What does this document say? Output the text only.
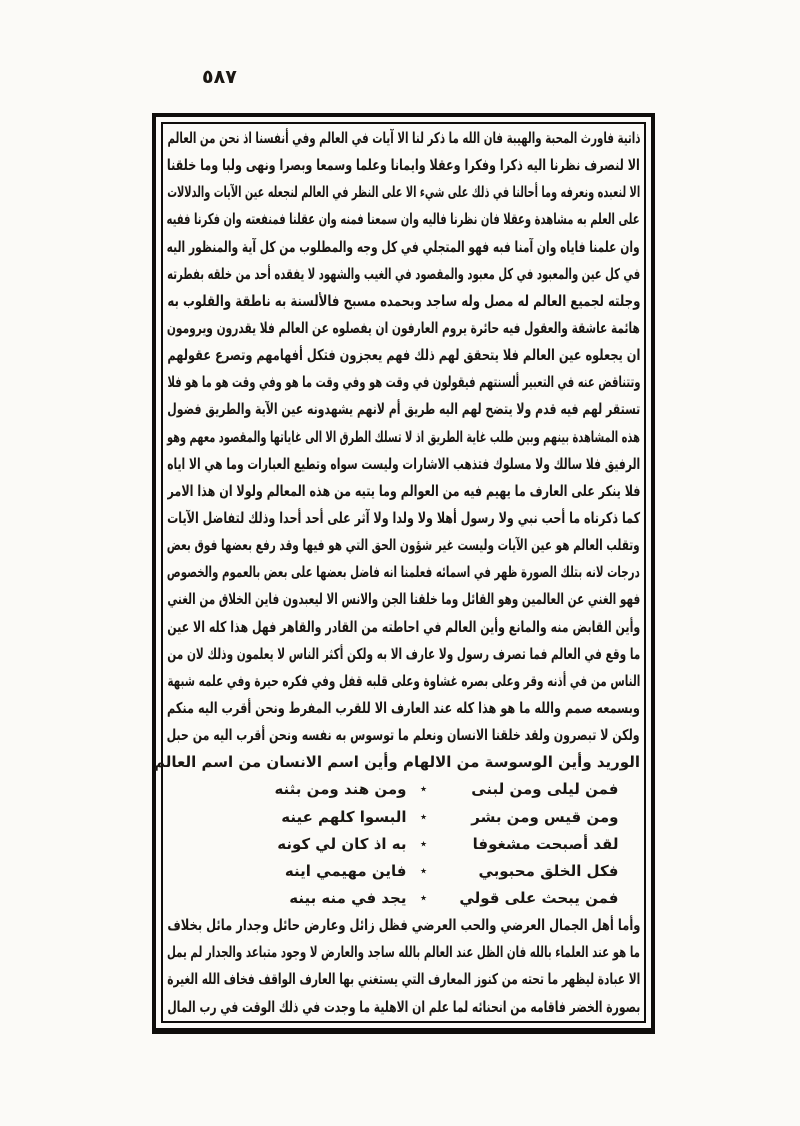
٥٨٧
ذاتية فاورث المحبة والهيبة فان الله ما ذكر لنا الا آيات في العالم وفي أنفسنا اذ نحن من العالم
الا لنصرف نظرنا اليه ذكرا وفكرا وعقلا وايمانا وعلما وسمعا وبصرا ونهى ولبا وما خلقنا
الا لنعبده ونعرفه وما أحالنا في ذلك على شيء الا على النظر في العالم لنجعله عين الآيات والدلالات
على العلم به مشاهدة وعقلا فان نظرنا فاليه وان سمعنا فمنه وان عقلنا فمنفعته وان فكرنا ففيه
وان علمنا فاياه وان آمنا فبه فهو المتجلي في كل وجه والمطلوب من كل آية والمنظور اليه
في كل عين والمعبود في كل معبود والمقصود في الغيب والشهود لا يفقده أحد من خلقه بفطرته
وجلته لجميع العالم له مصل وله ساجد وبحمده مسبح فالألسنة به ناطقة والقلوب به
هائمة عاشقة والعقول فيه حائرة يروم العارفون ان يفصلوه عن العالم فلا يقدرون ويرومون
ان يجعلوه عين العالم فلا يتحقق لهم ذلك فهم يعجزون فتكل أفهامهم وتصرع عقولهم
وتتناقض عنه في التعبير ألسنتهم فيقولون في وقت هو وفي وقت ما هو وفي وقت هو ما هو فلا
تستقر لهم فيه قدم ولا يتضح لهم اليه طريق أم لانهم يشهدونه عين الآية والطريق فضول
هذه المشاهدة بينهم وبين طلب غاية الطريق اذ لا تسلك الطرق الا الى غاياتها والمقصود معهم وهو
الرفيق فلا سالك ولا مسلوك فتذهب الاشارات وليست سواه وتطيع العبارات وما هي الا اياه
فلا ينكر على العارف ما يهيم فيه من العوالم وما يتيه من هذه المعالم ولولا ان هذا الامر
كما ذكرناه ما أحب نبي ولا رسول أهلا ولا ولدا ولا آثر على أحد أحدا وذلك لتفاضل الآيات
وتقلب العالم هو عين الآيات وليست غير شؤون الحق التي هو فيها وقد رفع بعضها فوق بعض
درجات لانه بتلك الصورة ظهر في اسمائه فعلمنا انه فاضل بعضها على بعض بالعموم والخصوص
فهو الغني عن العالمين وهو القائل وما خلقنا الجن والانس الا ليعبدون فاين الخلاق من الغني
وأين القابض منه والمانع وأين العالم في احاطته من القادر والقاهر فهل هذا كله الا عين
ما وقع في العالم فما تصرف رسول ولا عارف الا به ولكن أكثر الناس لا يعلمون وذلك لان من
الناس من في أذنه وقر وعلى بصره غشاوة وعلى قلبه قفل وفي فكره حيرة وفي علمه شبهة
وبسمعه صمم والله ما هو هذا كله عند العارف الا للقرب المفرط ونحن أقرب اليه منكم
ولكن لا تبصرون ولقد خلقنا الانسان ونعلم ما توسوس به نفسه ونحن أقرب اليه من حبل
الوريد وأين الوسوسة من الالهام وأين اسم الانسان من اسم العالم
فمن ليلى ومن لبنى
٭
ومن هند ومن بثنه
ومن قيس ومن بشر
٭
البسوا كلهم عينه
لقد أصبحت مشغوفا
٭
به اذ كان لي كونه
فكل الخلق محبوبي
٭
فاين مهيمي اينه
فمن يبحث على قولي
٭
يجد في منه بينه
وأما أهل الجمال العرضي والحب العرضي فظل زائل وعارض حائل وجدار مائل بخلاف
ما هو عند العلماء بالله فان الظل عند العالم بالله ساجد والعارض لا وجود متباعد والجدار لم يمل
الا عبادة ليظهر ما تحته من كنوز المعارف التي يستغني بها العارف الواقف فخاف الله الغيرة
بصورة الخضر فاقامه من انحنائه لما علم ان الاهلية ما وجدت في ذلك الوقت في رب المال
